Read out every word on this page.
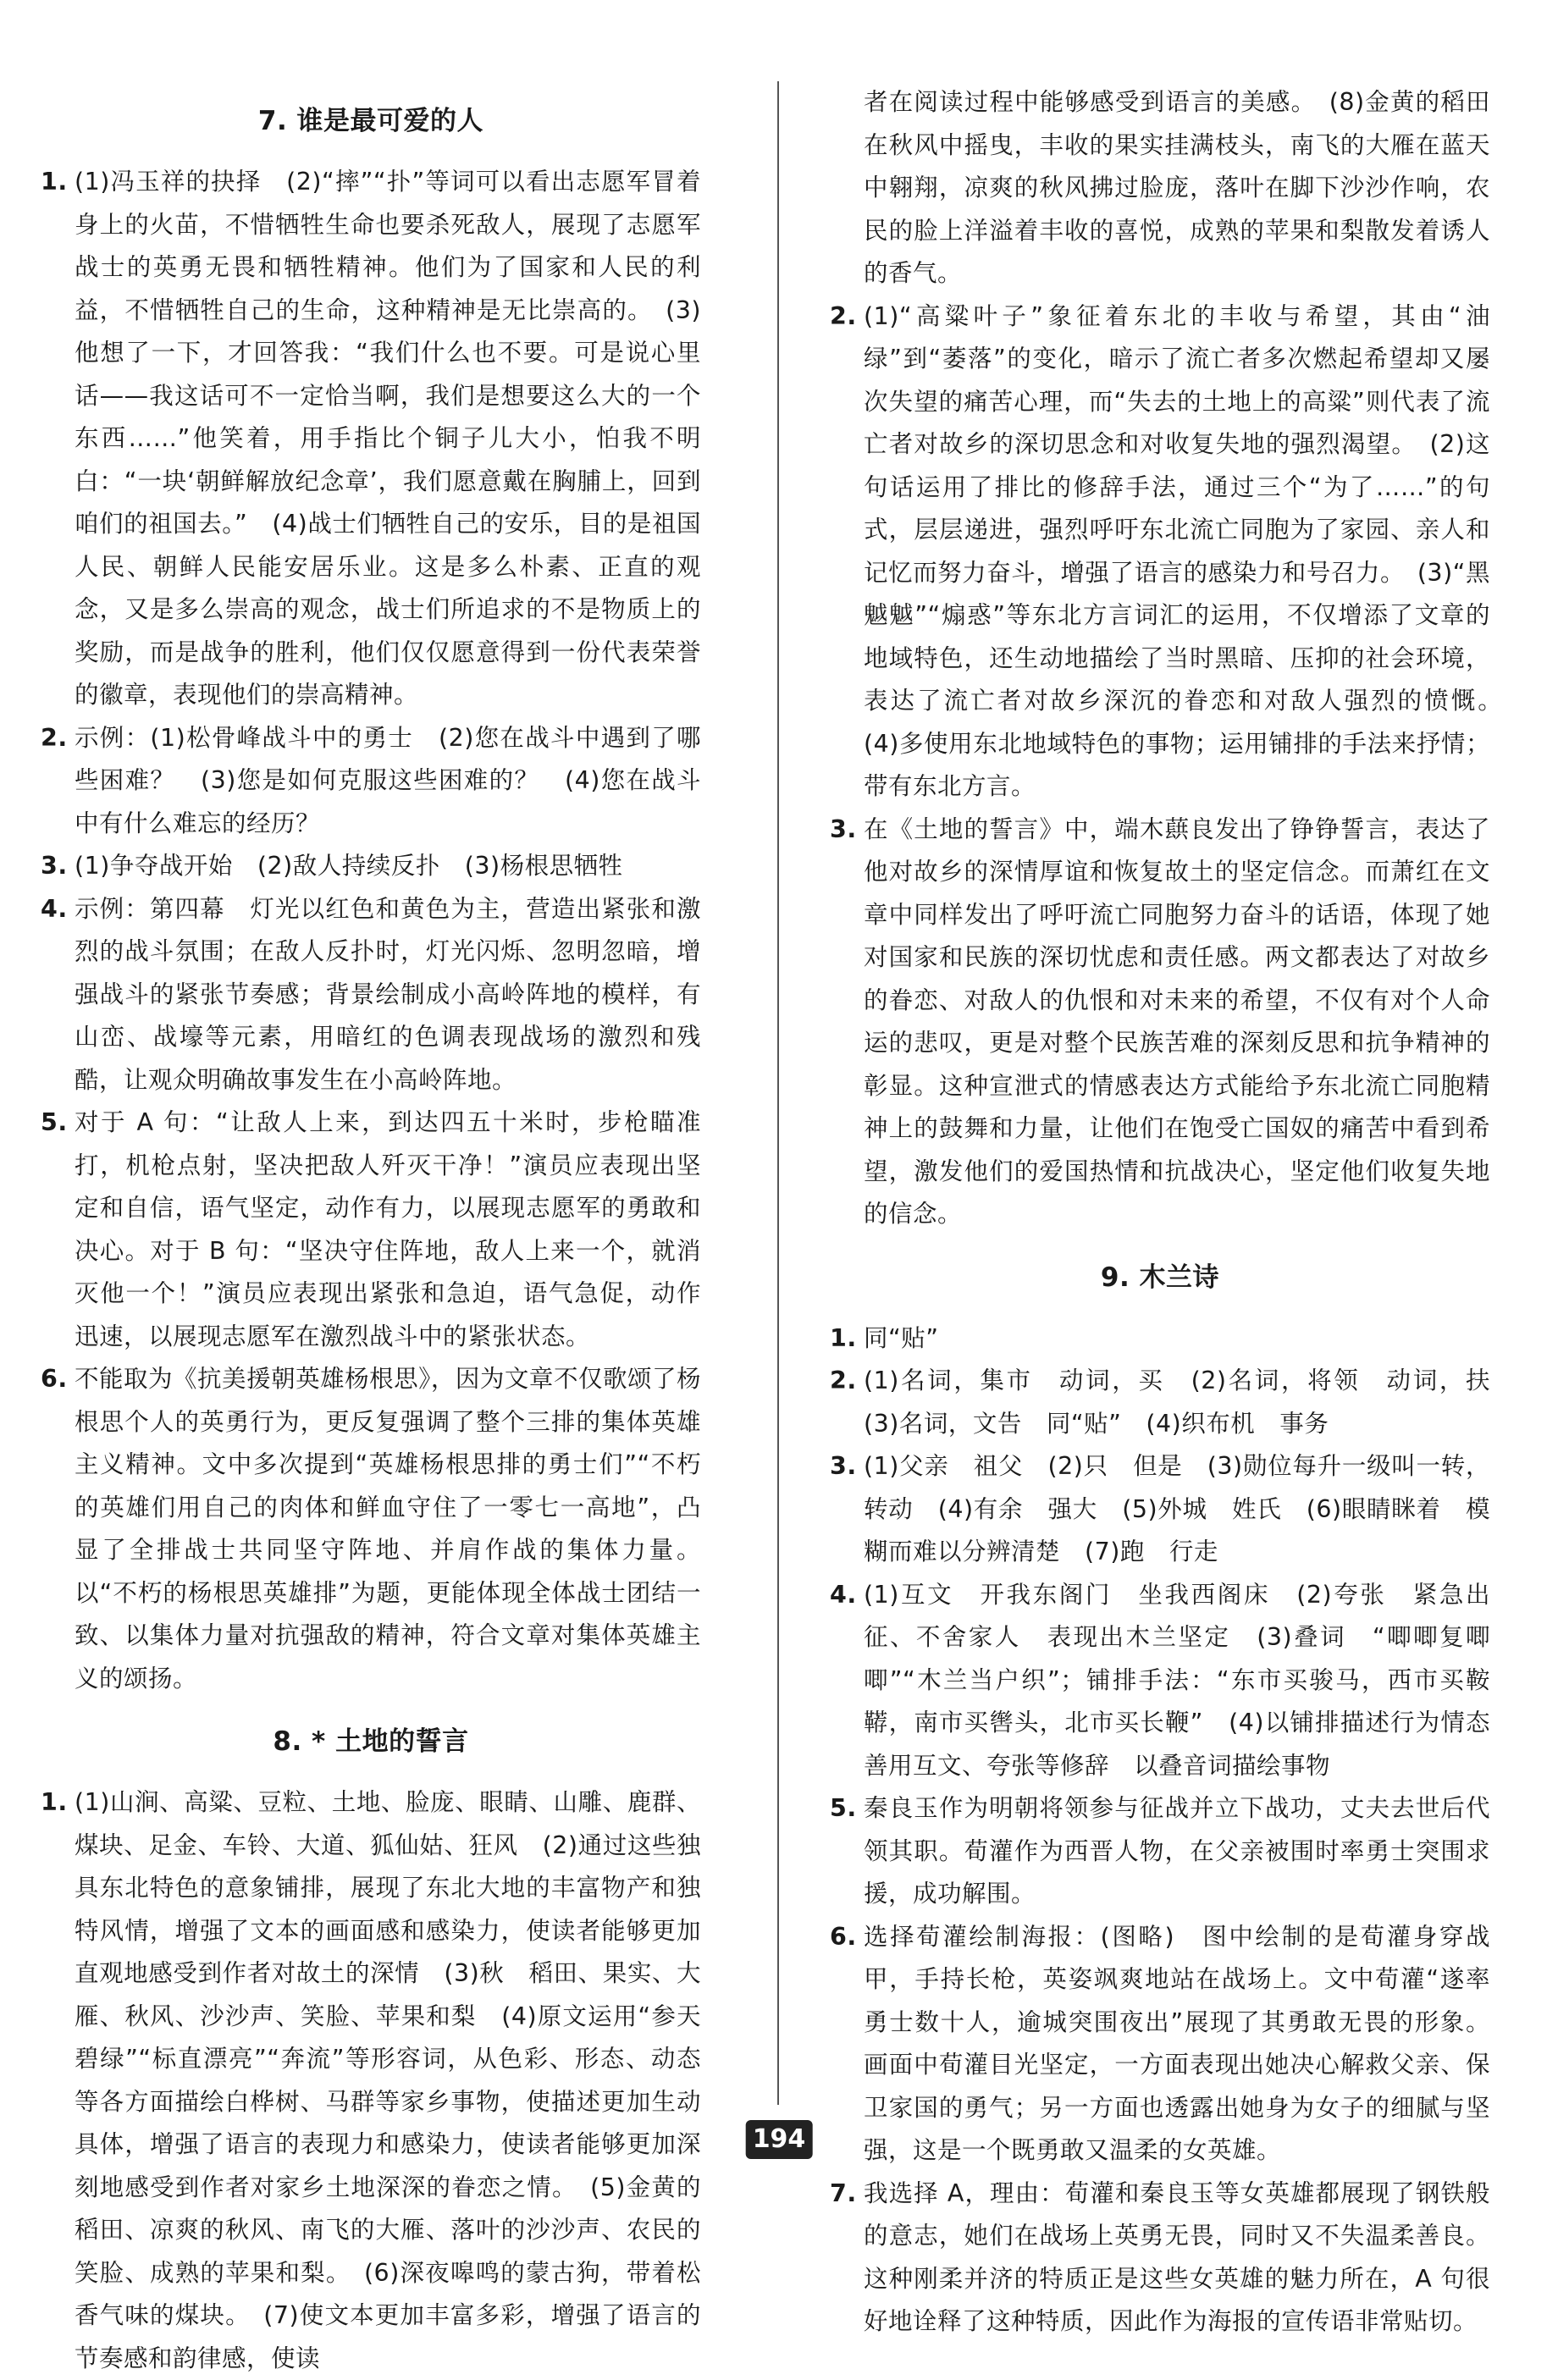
7. 谁是最可爱的人
1. (1)冯玉祥的抉择　(2)“摔”“扑”等词可以看出志愿军冒着身上的火苗，不惜牺牲生命也要杀死敌人，展现了志愿军战士的英勇无畏和牺牲精神。他们为了国家和人民的利益，不惜牺牲自己的生命，这种精神是无比崇高的。　(3)他想了一下，才回答我：“我们什么也不要。可是说心里话——我这话可不一定恰当啊，我们是想要这么大的一个东西……”他笑着，用手指比个铜子儿大小，怕我不明白：“一块‘朝鲜解放纪念章’，我们愿意戴在胸脯上，回到咱们的祖国去。”　(4)战士们牺牲自己的安乐，目的是祖国人民、朝鲜人民能安居乐业。这是多么朴素、正直的观念，又是多么崇高的观念，战士们所追求的不是物质上的奖励，而是战争的胜利，他们仅仅愿意得到一份代表荣誉的徽章，表现他们的崇高精神。
2. 示例：(1)松骨峰战斗中的勇士　(2)您在战斗中遇到了哪些困难？　(3)您是如何克服这些困难的？　(4)您在战斗中有什么难忘的经历？
3. (1)争夺战开始　(2)敌人持续反扑　(3)杨根思牺牲
4. 示例：第四幕　灯光以红色和黄色为主，营造出紧张和激烈的战斗氛围；在敌人反扑时，灯光闪烁、忽明忽暗，增强战斗的紧张节奏感；背景绘制成小高岭阵地的模样，有山峦、战壕等元素，用暗红的色调表现战场的激烈和残酷，让观众明确故事发生在小高岭阵地。
5. 对于 A 句：“让敌人上来，到达四五十米时，步枪瞄准打，机枪点射，坚决把敌人歼灭干净！”演员应表现出坚定和自信，语气坚定，动作有力，以展现志愿军的勇敢和决心。对于 B 句：“坚决守住阵地，敌人上来一个，就消灭他一个！”演员应表现出紧张和急迫，语气急促，动作迅速，以展现志愿军在激烈战斗中的紧张状态。
6. 不能取为《抗美援朝英雄杨根思》，因为文章不仅歌颂了杨根思个人的英勇行为，更反复强调了整个三排的集体英雄主义精神。文中多次提到“英雄杨根思排的勇士们”“不朽的英雄们用自己的肉体和鲜血守住了一零七一高地”，凸显了全排战士共同坚守阵地、并肩作战的集体力量。以“不朽的杨根思英雄排”为题，更能体现全体战士团结一致、以集体力量对抗强敌的精神，符合文章对集体英雄主义的颂扬。
8. * 土地的誓言
1. (1)山涧、高粱、豆粒、土地、脸庞、眼睛、山雕、鹿群、煤块、足金、车铃、大道、狐仙姑、狂风　(2)通过这些独具东北特色的意象铺排，展现了东北大地的丰富物产和独特风情，增强了文本的画面感和感染力，使读者能够更加直观地感受到作者对故土的深情　(3)秋　稻田、果实、大雁、秋风、沙沙声、笑脸、苹果和梨　(4)原文运用“参天碧绿”“标直漂亮”“奔流”等形容词，从色彩、形态、动态等各方面描绘白桦树、马群等家乡事物，使描述更加生动具体，增强了语言的表现力和感染力，使读者能够更加深刻地感受到作者对家乡土地深深的眷恋之情。　(5)金黄的稻田、凉爽的秋风、南飞的大雁、落叶的沙沙声、农民的笑脸、成熟的苹果和梨。　(6)深夜嗥鸣的蒙古狗，带着松香气味的煤块。　(7)使文本更加丰富多彩，增强了语言的节奏感和韵律感，使读
者在阅读过程中能够感受到语言的美感。　(8)金黄的稻田在秋风中摇曳，丰收的果实挂满枝头，南飞的大雁在蓝天中翱翔，凉爽的秋风拂过脸庞，落叶在脚下沙沙作响，农民的脸上洋溢着丰收的喜悦，成熟的苹果和梨散发着诱人的香气。
2. (1)“高粱叶子”象征着东北的丰收与希望，其由“油绿”到“萎落”的变化，暗示了流亡者多次燃起希望却又屡次失望的痛苦心理，而“失去的土地上的高粱”则代表了流亡者对故乡的深切思念和对收复失地的强烈渴望。　(2)这句话运用了排比的修辞手法，通过三个“为了……”的句式，层层递进，强烈呼吁东北流亡同胞为了家园、亲人和记忆而努力奋斗，增强了语言的感染力和号召力。　(3)“黑魆魆”“煽惑”等东北方言词汇的运用，不仅增添了文章的地域特色，还生动地描绘了当时黑暗、压抑的社会环境，表达了流亡者对故乡深沉的眷恋和对敌人强烈的愤慨。　(4)多使用东北地域特色的事物；运用铺排的手法来抒情；带有东北方言。
3. 在《土地的誓言》中，端木蕻良发出了铮铮誓言，表达了他对故乡的深情厚谊和恢复故土的坚定信念。而萧红在文章中同样发出了呼吁流亡同胞努力奋斗的话语，体现了她对国家和民族的深切忧虑和责任感。两文都表达了对故乡的眷恋、对敌人的仇恨和对未来的希望，不仅有对个人命运的悲叹，更是对整个民族苦难的深刻反思和抗争精神的彰显。这种宣泄式的情感表达方式能给予东北流亡同胞精神上的鼓舞和力量，让他们在饱受亡国奴的痛苦中看到希望，激发他们的爱国热情和抗战决心，坚定他们收复失地的信念。
9. 木兰诗
1. 同“贴”
2. (1)名词，集市　动词，买　(2)名词，将领　动词，扶　(3)名词，文告　同“贴”　(4)织布机　事务
3. (1)父亲　祖父　(2)只　但是　(3)勋位每升一级叫一转，转动　(4)有余　强大　(5)外城　姓氏　(6)眼睛眯着　模糊而难以分辨清楚　(7)跑　行走
4. (1)互文　开我东阁门　坐我西阁床　(2)夸张　紧急出征、不舍家人　表现出木兰坚定　(3)叠词　“唧唧复唧唧”“木兰当户织”；铺排手法：“东市买骏马，西市买鞍鞯，南市买辔头，北市买长鞭”　(4)以铺排描述行为情态　善用互文、夸张等修辞　以叠音词描绘事物
5. 秦良玉作为明朝将领参与征战并立下战功，丈夫去世后代领其职。荀灌作为西晋人物，在父亲被围时率勇士突围求援，成功解围。
6. 选择荀灌绘制海报：(图略)　图中绘制的是荀灌身穿战甲，手持长枪，英姿飒爽地站在战场上。文中荀灌“遂率勇士数十人，逾城突围夜出”展现了其勇敢无畏的形象。画面中荀灌目光坚定，一方面表现出她决心解救父亲、保卫家国的勇气；另一方面也透露出她身为女子的细腻与坚强，这是一个既勇敢又温柔的女英雄。
7. 我选择 A，理由：荀灌和秦良玉等女英雄都展现了钢铁般的意志，她们在战场上英勇无畏，同时又不失温柔善良。这种刚柔并济的特质正是这些女英雄的魅力所在，A 句很好地诠释了这种特质，因此作为海报的宣传语非常贴切。
194
